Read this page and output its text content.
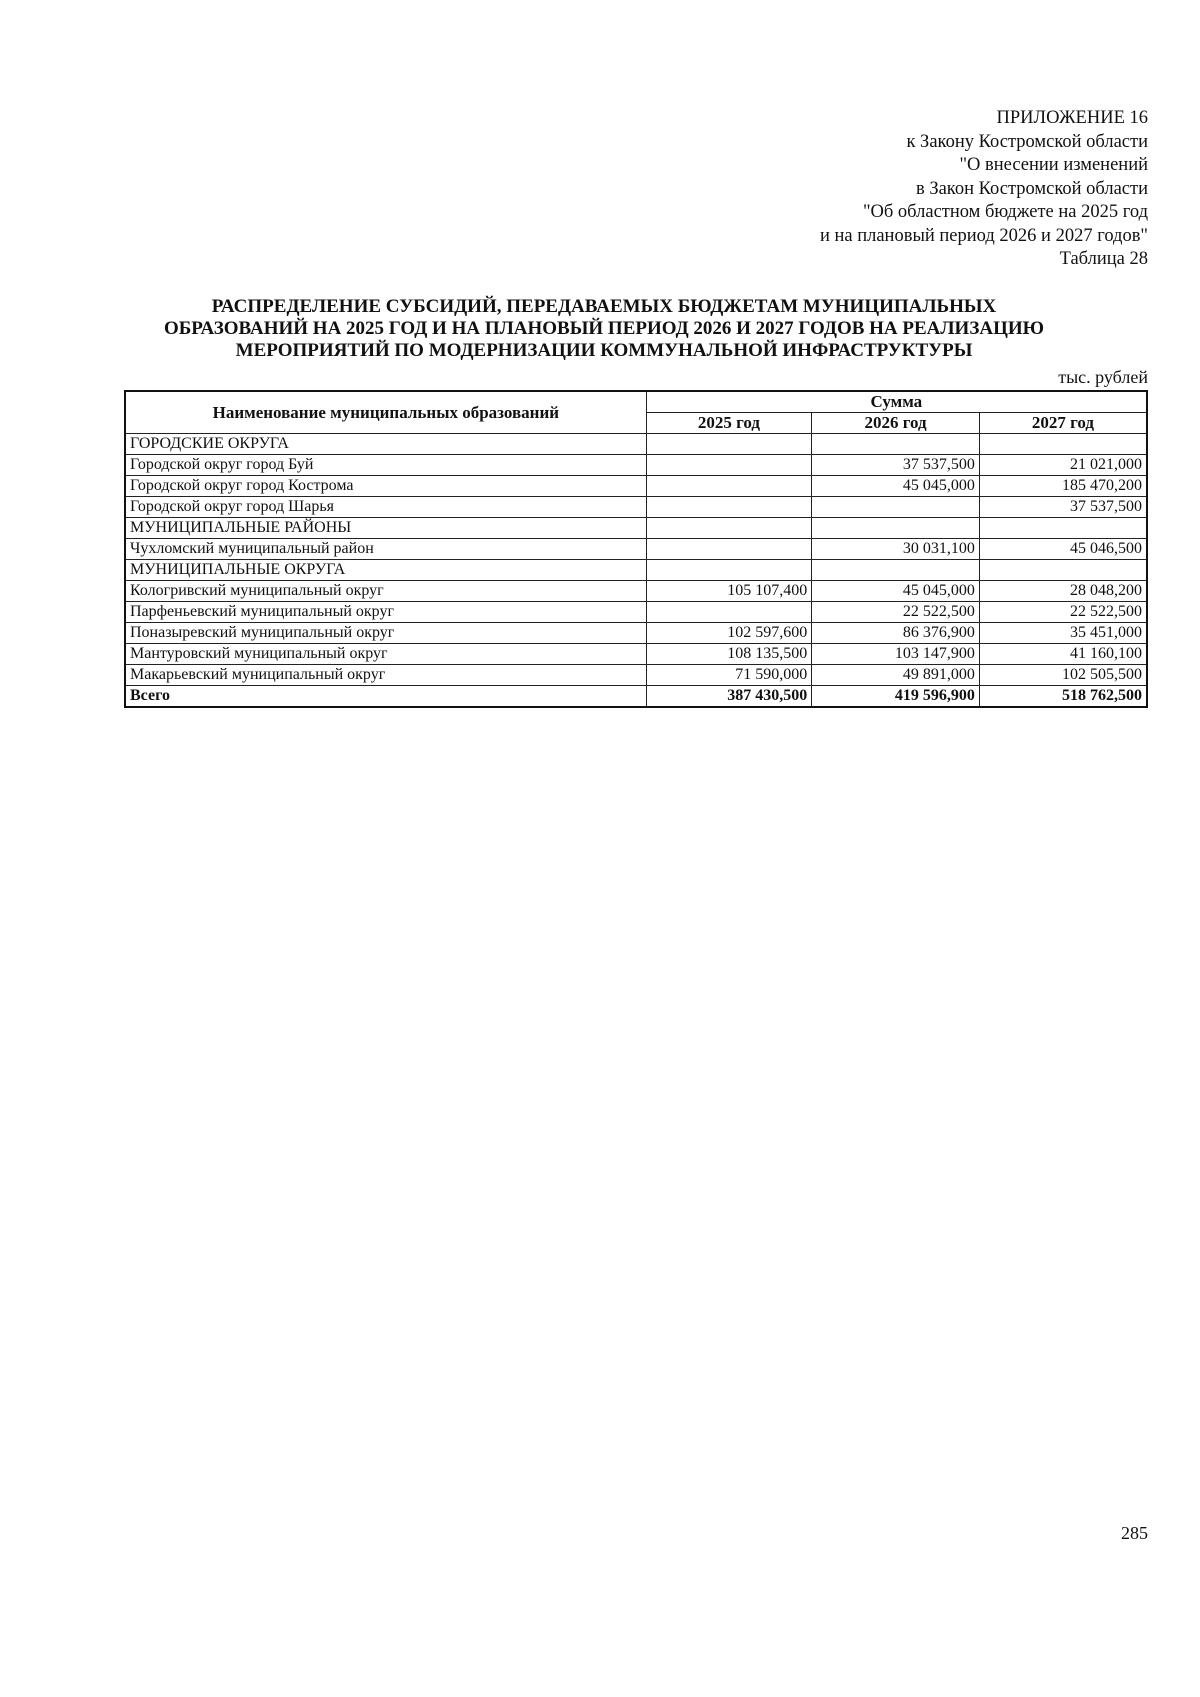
ПРИЛОЖЕНИЕ 16
к Закону Костромской области
"О внесении изменений
в Закон Костромской области
"Об областном бюджете на 2025 год
и на плановый период 2026 и 2027 годов"
Таблица 28
РАСПРЕДЕЛЕНИЕ СУБСИДИЙ, ПЕРЕДАВАЕМЫХ БЮДЖЕТАМ МУНИЦИПАЛЬНЫХ
ОБРАЗОВАНИЙ НА 2025 ГОД И НА ПЛАНОВЫЙ ПЕРИОД 2026 И 2027 ГОДОВ НА РЕАЛИЗАЦИЮ
МЕРОПРИЯТИЙ ПО МОДЕРНИЗАЦИИ КОММУНАЛЬНОЙ ИНФРАСТРУКТУРЫ
тыс. рублей
Наименование муниципальных образований	Сумма		
	2025 год	2026 год	2027 год
ГОРОДСКИЕ ОКРУГА			
Городской округ город Буй		37 537,500	21 021,000
Городской округ город Кострома		45 045,000	185 470,200
Городской округ город Шарья			37 537,500
МУНИЦИПАЛЬНЫЕ РАЙОНЫ			
Чухломский муниципальный район		30 031,100	45 046,500
МУНИЦИПАЛЬНЫЕ ОКРУГА			
Кологривский муниципальный округ	105 107,400	45 045,000	28 048,200
Парфеньевский муниципальный округ		22 522,500	22 522,500
Поназыревский муниципальный округ	102 597,600	86 376,900	35 451,000
Мантуровский муниципальный округ	108 135,500	103 147,900	41 160,100
Макарьевский муниципальный округ	71 590,000	49 891,000	102 505,500
Всего	387 430,500	419 596,900	518 762,500
285
